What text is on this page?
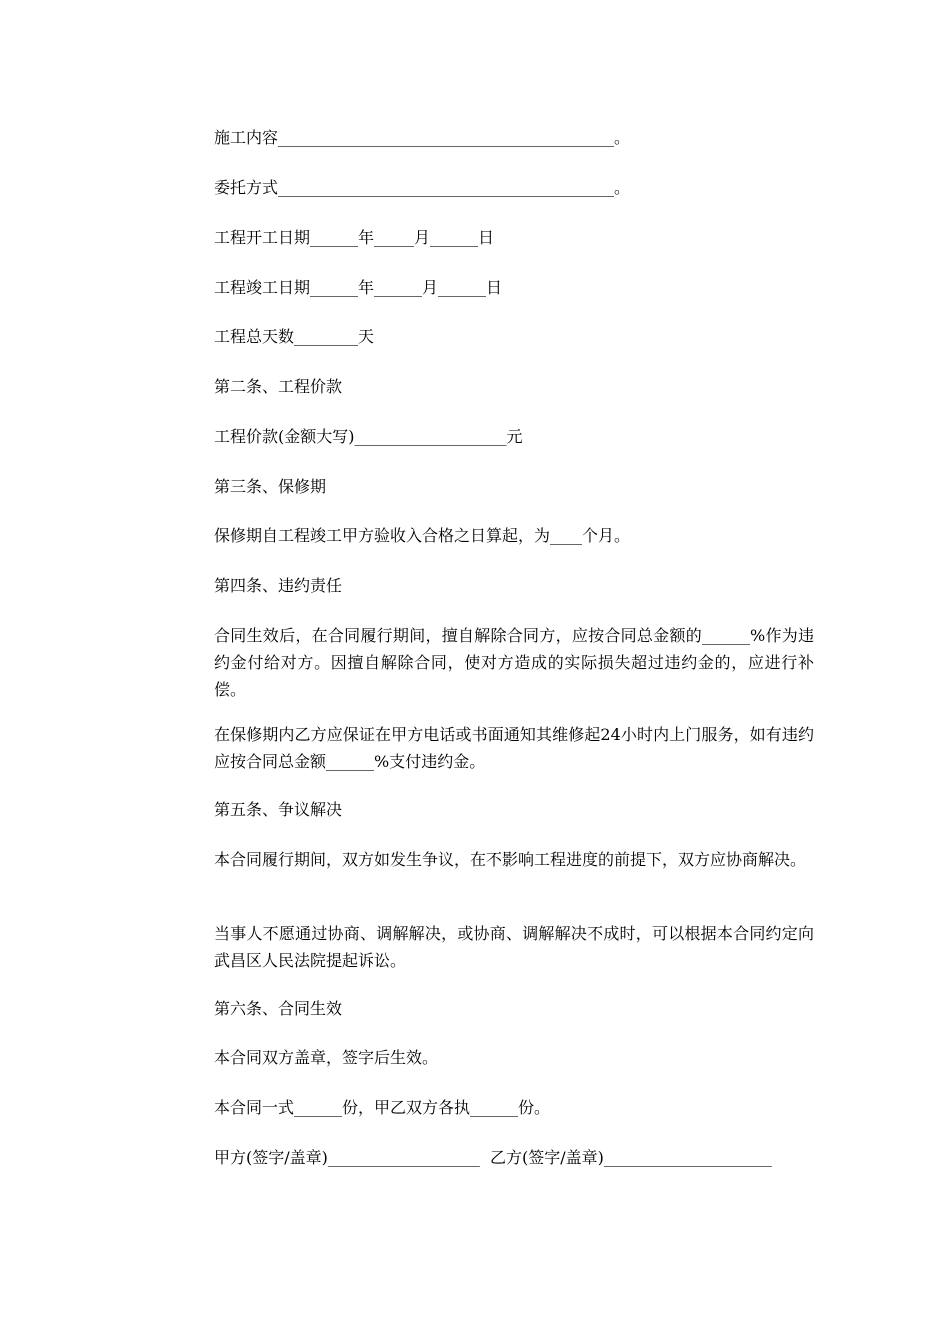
施工内容__________________________________________。
委托方式__________________________________________。
工程开工日期______年_____月______日
工程竣工日期______年______月______日
工程总天数________天
第二条、工程价款
工程价款(金额大写)___________________元
第三条、保修期
保修期自工程竣工甲方验收入合格之日算起，为____个月。
第四条、违约责任
合同生效后，在合同履行期间，擅自解除合同方，应按合同总金额的______%作为违约金付给对方。因擅自解除合同，使对方造成的实际损失超过违约金的，应进行补偿。
在保修期内乙方应保证在甲方电话或书面通知其维修起24小时内上门服务，如有违约应按合同总金额______%支付违约金。
第五条、争议解决
本合同履行期间，双方如发生争议，在不影响工程进度的前提下，双方应协商解决。
当事人不愿通过协商、调解解决，或协商、调解解决不成时，可以根据本合同约定向武昌区人民法院提起诉讼。
第六条、合同生效
本合同双方盖章，签字后生效。
本合同一式______份，甲乙双方各执______份。
甲方(签字/盖章)___________________  乙方(签字/盖章)_____________________
